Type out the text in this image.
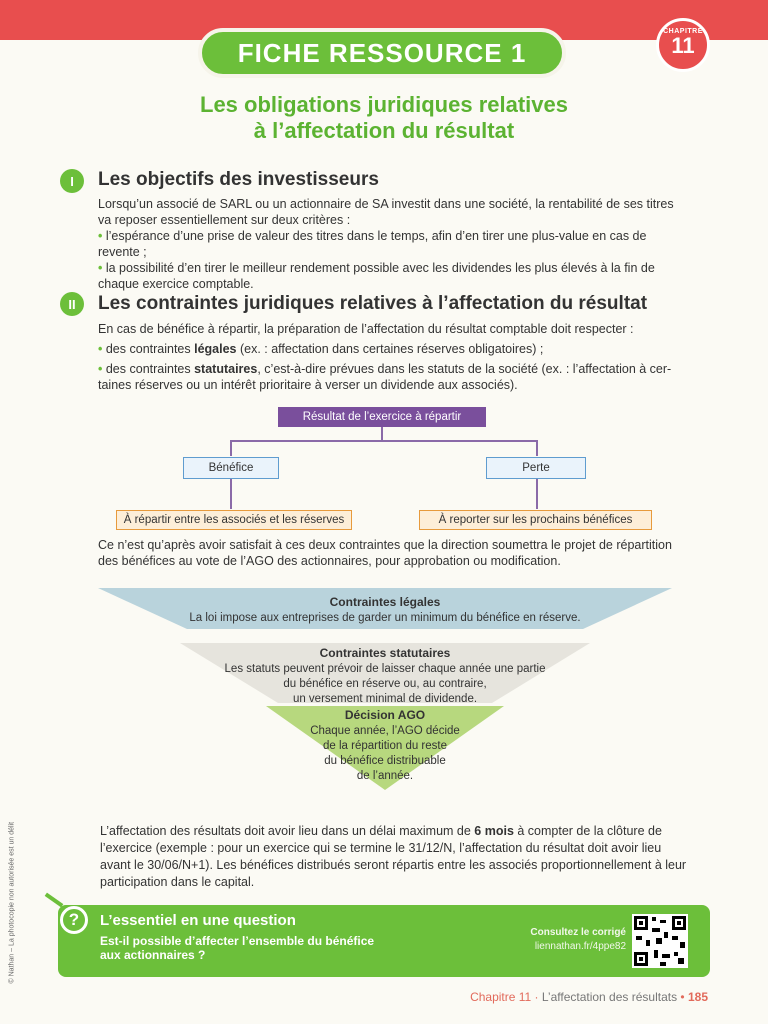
FICHE RESSOURCE 1
CHAPITRE
11
Les obligations juridiques relatives
à l’affectation du résultat
I	Les objectifs des investisseurs
Lorsqu’un associé de SARL ou un actionnaire de SA investit dans une société, la rentabilité de ses titres
va reposer essentiellement sur deux critères :
• l’espérance d’une prise de valeur des titres dans le temps, afin d’en tirer une plus-value en cas de revente ;
• la possibilité d’en tirer le meilleur rendement possible avec les dividendes les plus élevés à la fin de
chaque exercice comptable.
II	Les contraintes juridiques relatives à l’affectation du résultat
En cas de bénéfice à répartir, la préparation de l’affectation du résultat comptable doit respecter :
• des contraintes légales (ex. : affectation dans certaines réserves obligatoires) ;
• des contraintes statutaires, c’est-à-dire prévues dans les statuts de la société (ex. : l’affectation à cer-
taines réserves ou un intérêt prioritaire à verser un dividende aux associés).
Résultat de l’exercice à répartir
Bénéfice	Perte
À répartir entre les associés et les réserves	À reporter sur les prochains bénéfices
Ce n’est qu’après avoir satisfait à ces deux contraintes que la direction soumettra le projet de répartition
des bénéfices au vote de l’AGO des actionnaires, pour approbation ou modification.
Contraintes légales
La loi impose aux entreprises de garder un minimum du bénéfice en réserve.
Contraintes statutaires
Les statuts peuvent prévoir de laisser chaque année une partie
du bénéfice en réserve ou, au contraire,
un versement minimal de dividende.
Décision AGO
Chaque année, l’AGO décide
de la répartition du reste
du bénéfice distribuable
de l’année.
L’affectation des résultats doit avoir lieu dans un délai maximum de 6 mois à compter de la clôture de
l’exercice (exemple : pour un exercice qui se termine le 31/12/N, l’affectation du résultat doit avoir lieu
avant le 30/06/N+1). Les bénéfices distribués seront répartis entre les associés proportionnellement à leur
participation dans le capital.
?	L’essentiel en une question
Est-il possible d’affecter l’ensemble du bénéfice
aux actionnaires ?
Consultez le corrigé
liennathan.fr/4ppe82
Chapitre 11 · L’affectation des résultats • 185
© Nathan – La photocopie non autorisée est un délit
